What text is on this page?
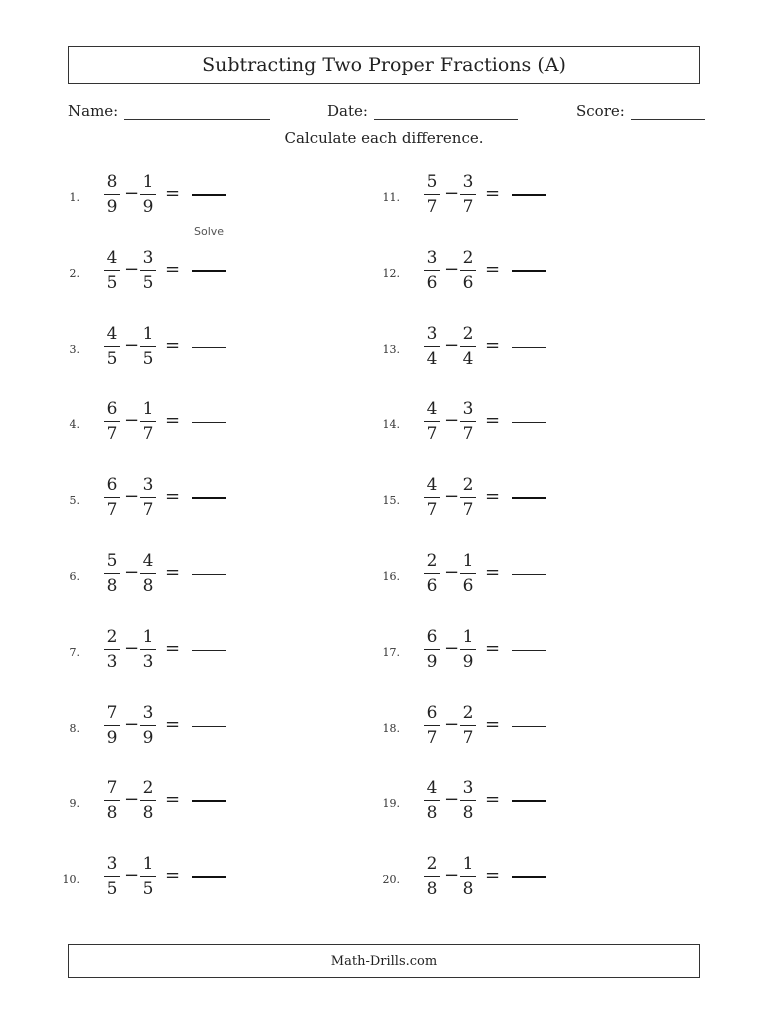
Subtracting Two Proper Fractions (A)
Name:	Date:	Score:
Calculate each difference.
1.
8
9
−
1
9
=
2.
4
5
−
3
5
=
3.
4
5
−
1
5
=
4.
6
7
−
1
7
=
5.
6
7
−
3
7
=
6.
5
8
−
4
8
=
7.
2
3
−
1
3
=
8.
7
9
−
3
9
=
9.
7
8
−
2
8
=
10.
3
5
−
1
5
=
11.
5
7
−
3
7
=
12.
3
6
−
2
6
=
13.
3
4
−
2
4
=
14.
4
7
−
3
7
=
15.
4
7
−
2
7
=
16.
2
6
−
1
6
=
17.
6
9
−
1
9
=
18.
6
7
−
2
7
=
19.
4
8
−
3
8
=
20.
2
8
−
1
8
=
Solve
Math-Drills.com
